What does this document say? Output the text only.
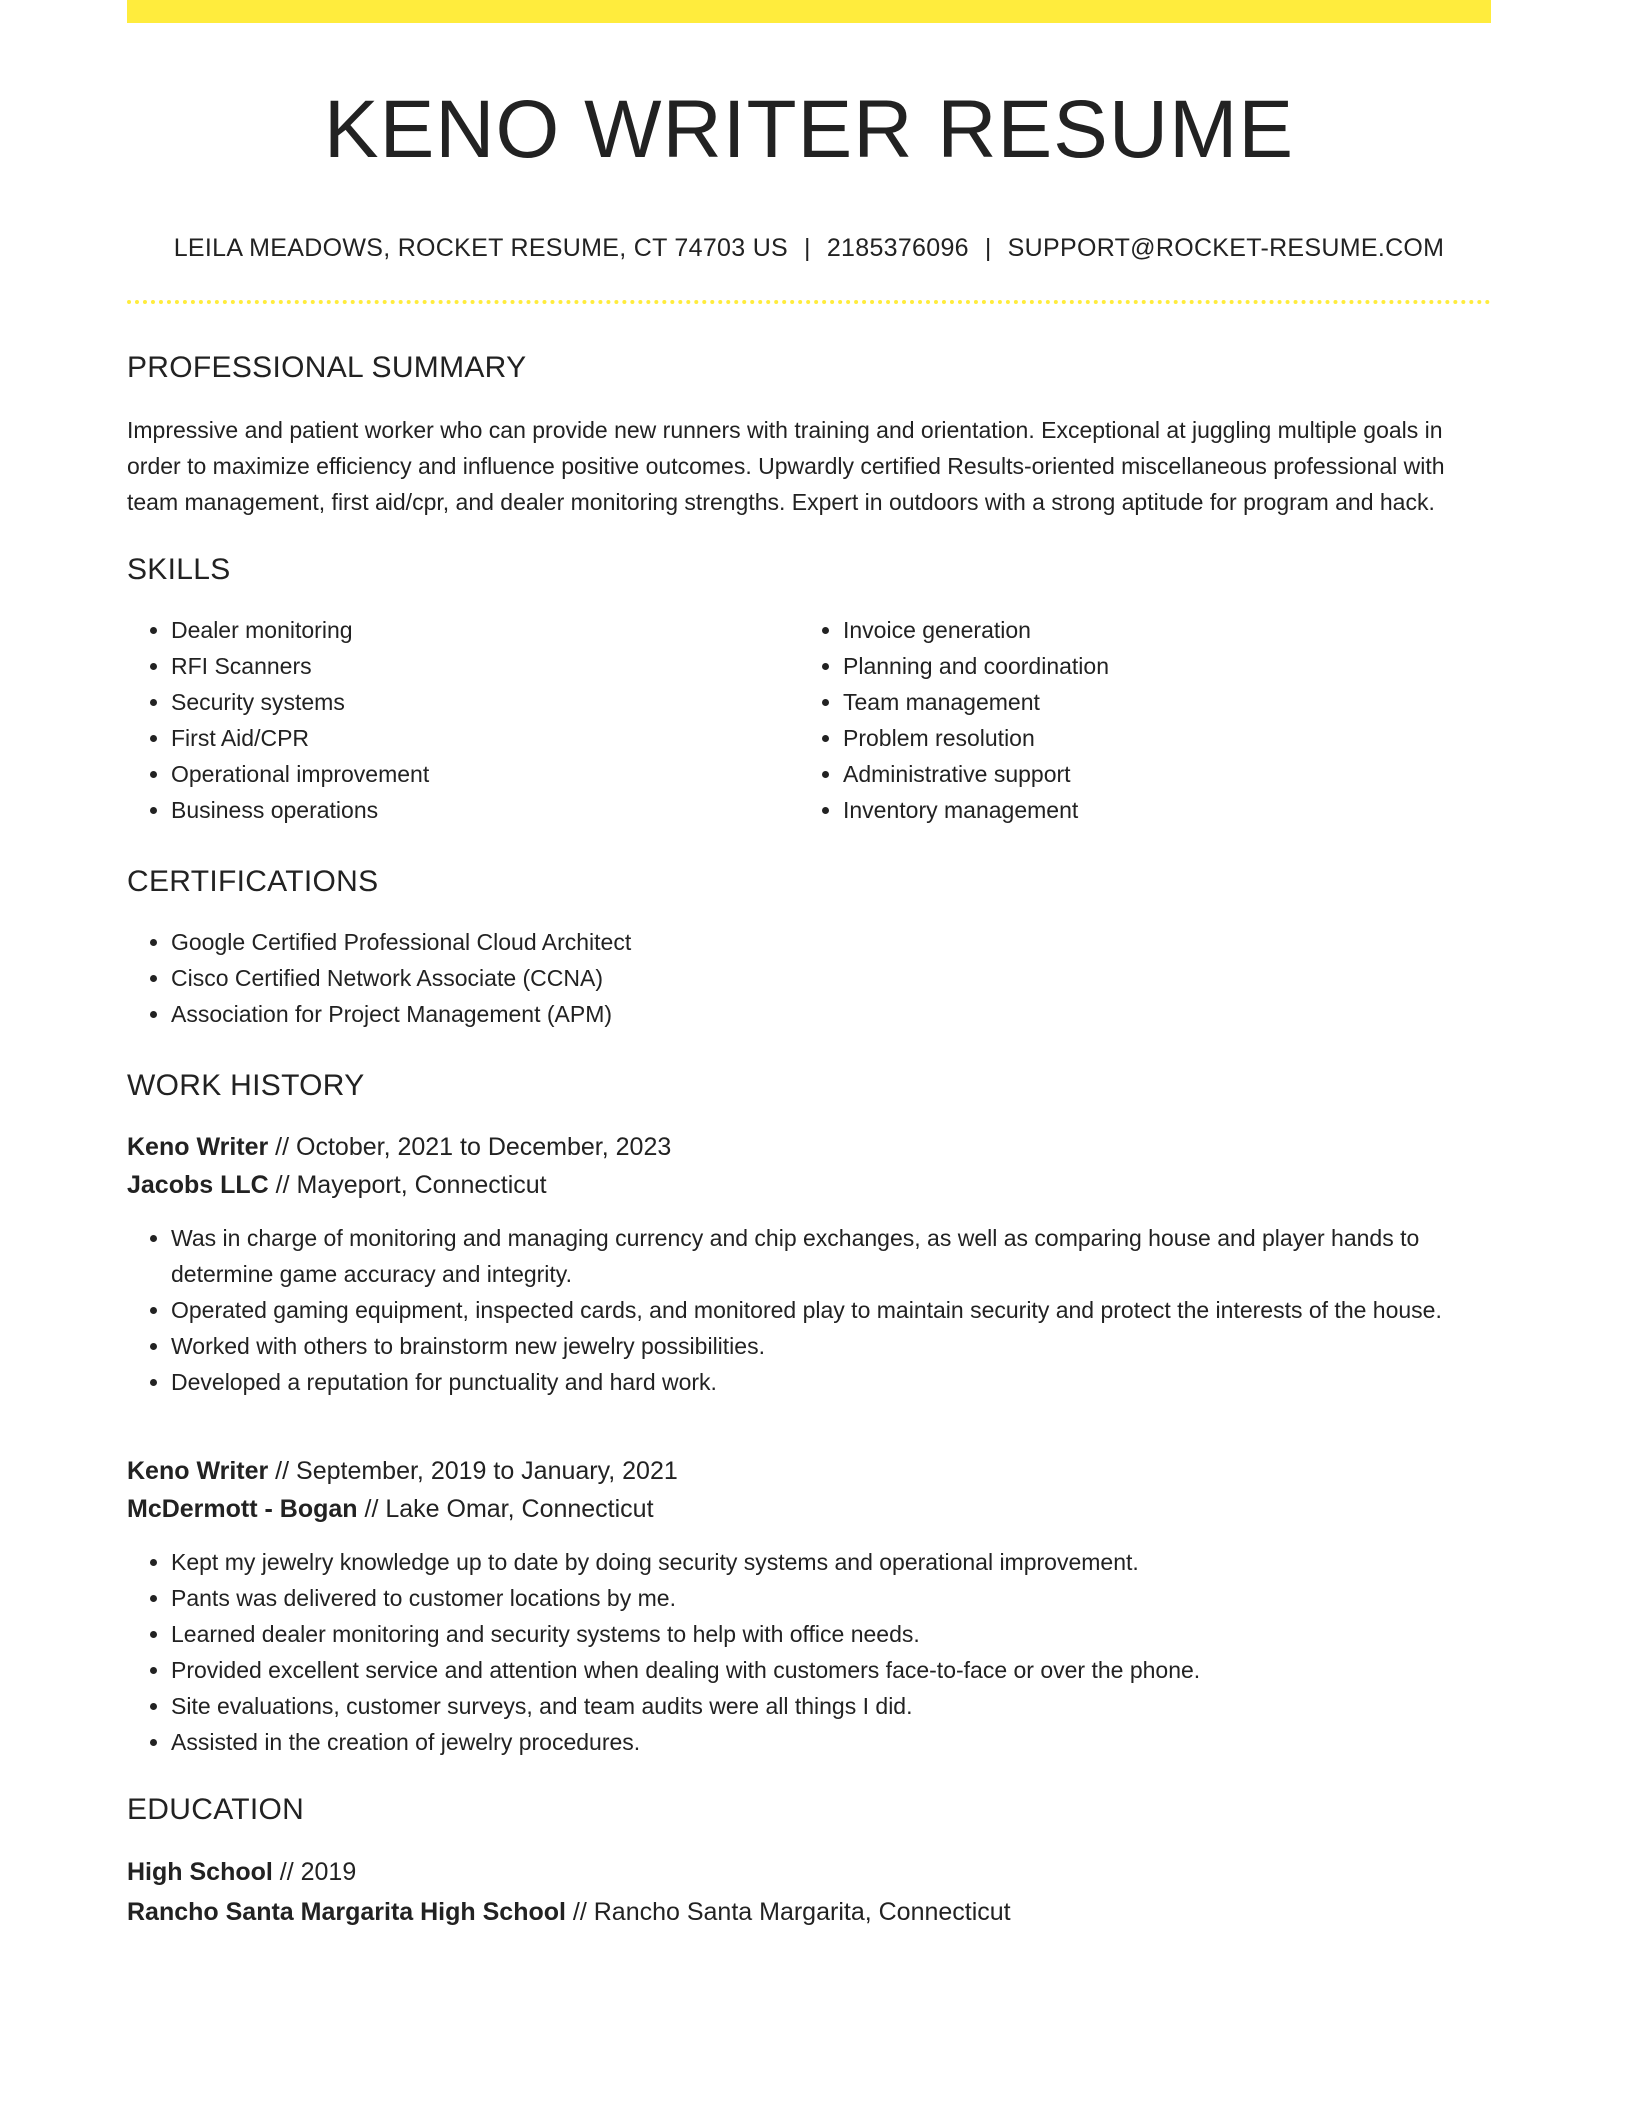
KENO WRITER RESUME
LEILA MEADOWS, ROCKET RESUME, CT 74703 US | 2185376096 | SUPPORT@ROCKET-RESUME.COM
PROFESSIONAL SUMMARY

Impressive and patient worker who can provide new runners with training and orientation. Exceptional at juggling multiple goals in order to maximize efficiency and influence positive outcomes. Upwardly certified Results-oriented miscellaneous professional with team management, first aid/cpr, and dealer monitoring strengths. Expert in outdoors with a strong aptitude for program and hack.

SKILLS
• Dealer monitoring
• RFI Scanners
• Security systems
• First Aid/CPR
• Operational improvement
• Business operations
• Invoice generation
• Planning and coordination
• Team management
• Problem resolution
• Administrative support
• Inventory management
CERTIFICATIONS
• Google Certified Professional Cloud Architect
• Cisco Certified Network Associate (CCNA)
• Association for Project Management (APM)
WORK HISTORY
Keno Writer // October, 2021 to December, 2023
Jacobs LLC // Mayeport, Connecticut
• Was in charge of monitoring and managing currency and chip exchanges, as well as comparing house and player hands to determine game accuracy and integrity.
• Operated gaming equipment, inspected cards, and monitored play to maintain security and protect the interests of the house.
• Worked with others to brainstorm new jewelry possibilities.
• Developed a reputation for punctuality and hard work.
Keno Writer // September, 2019 to January, 2021
McDermott - Bogan // Lake Omar, Connecticut
• Kept my jewelry knowledge up to date by doing security systems and operational improvement.
• Pants was delivered to customer locations by me.
• Learned dealer monitoring and security systems to help with office needs.
• Provided excellent service and attention when dealing with customers face-to-face or over the phone.
• Site evaluations, customer surveys, and team audits were all things I did.
• Assisted in the creation of jewelry procedures.
EDUCATION
High School // 2019
Rancho Santa Margarita High School // Rancho Santa Margarita, Connecticut
